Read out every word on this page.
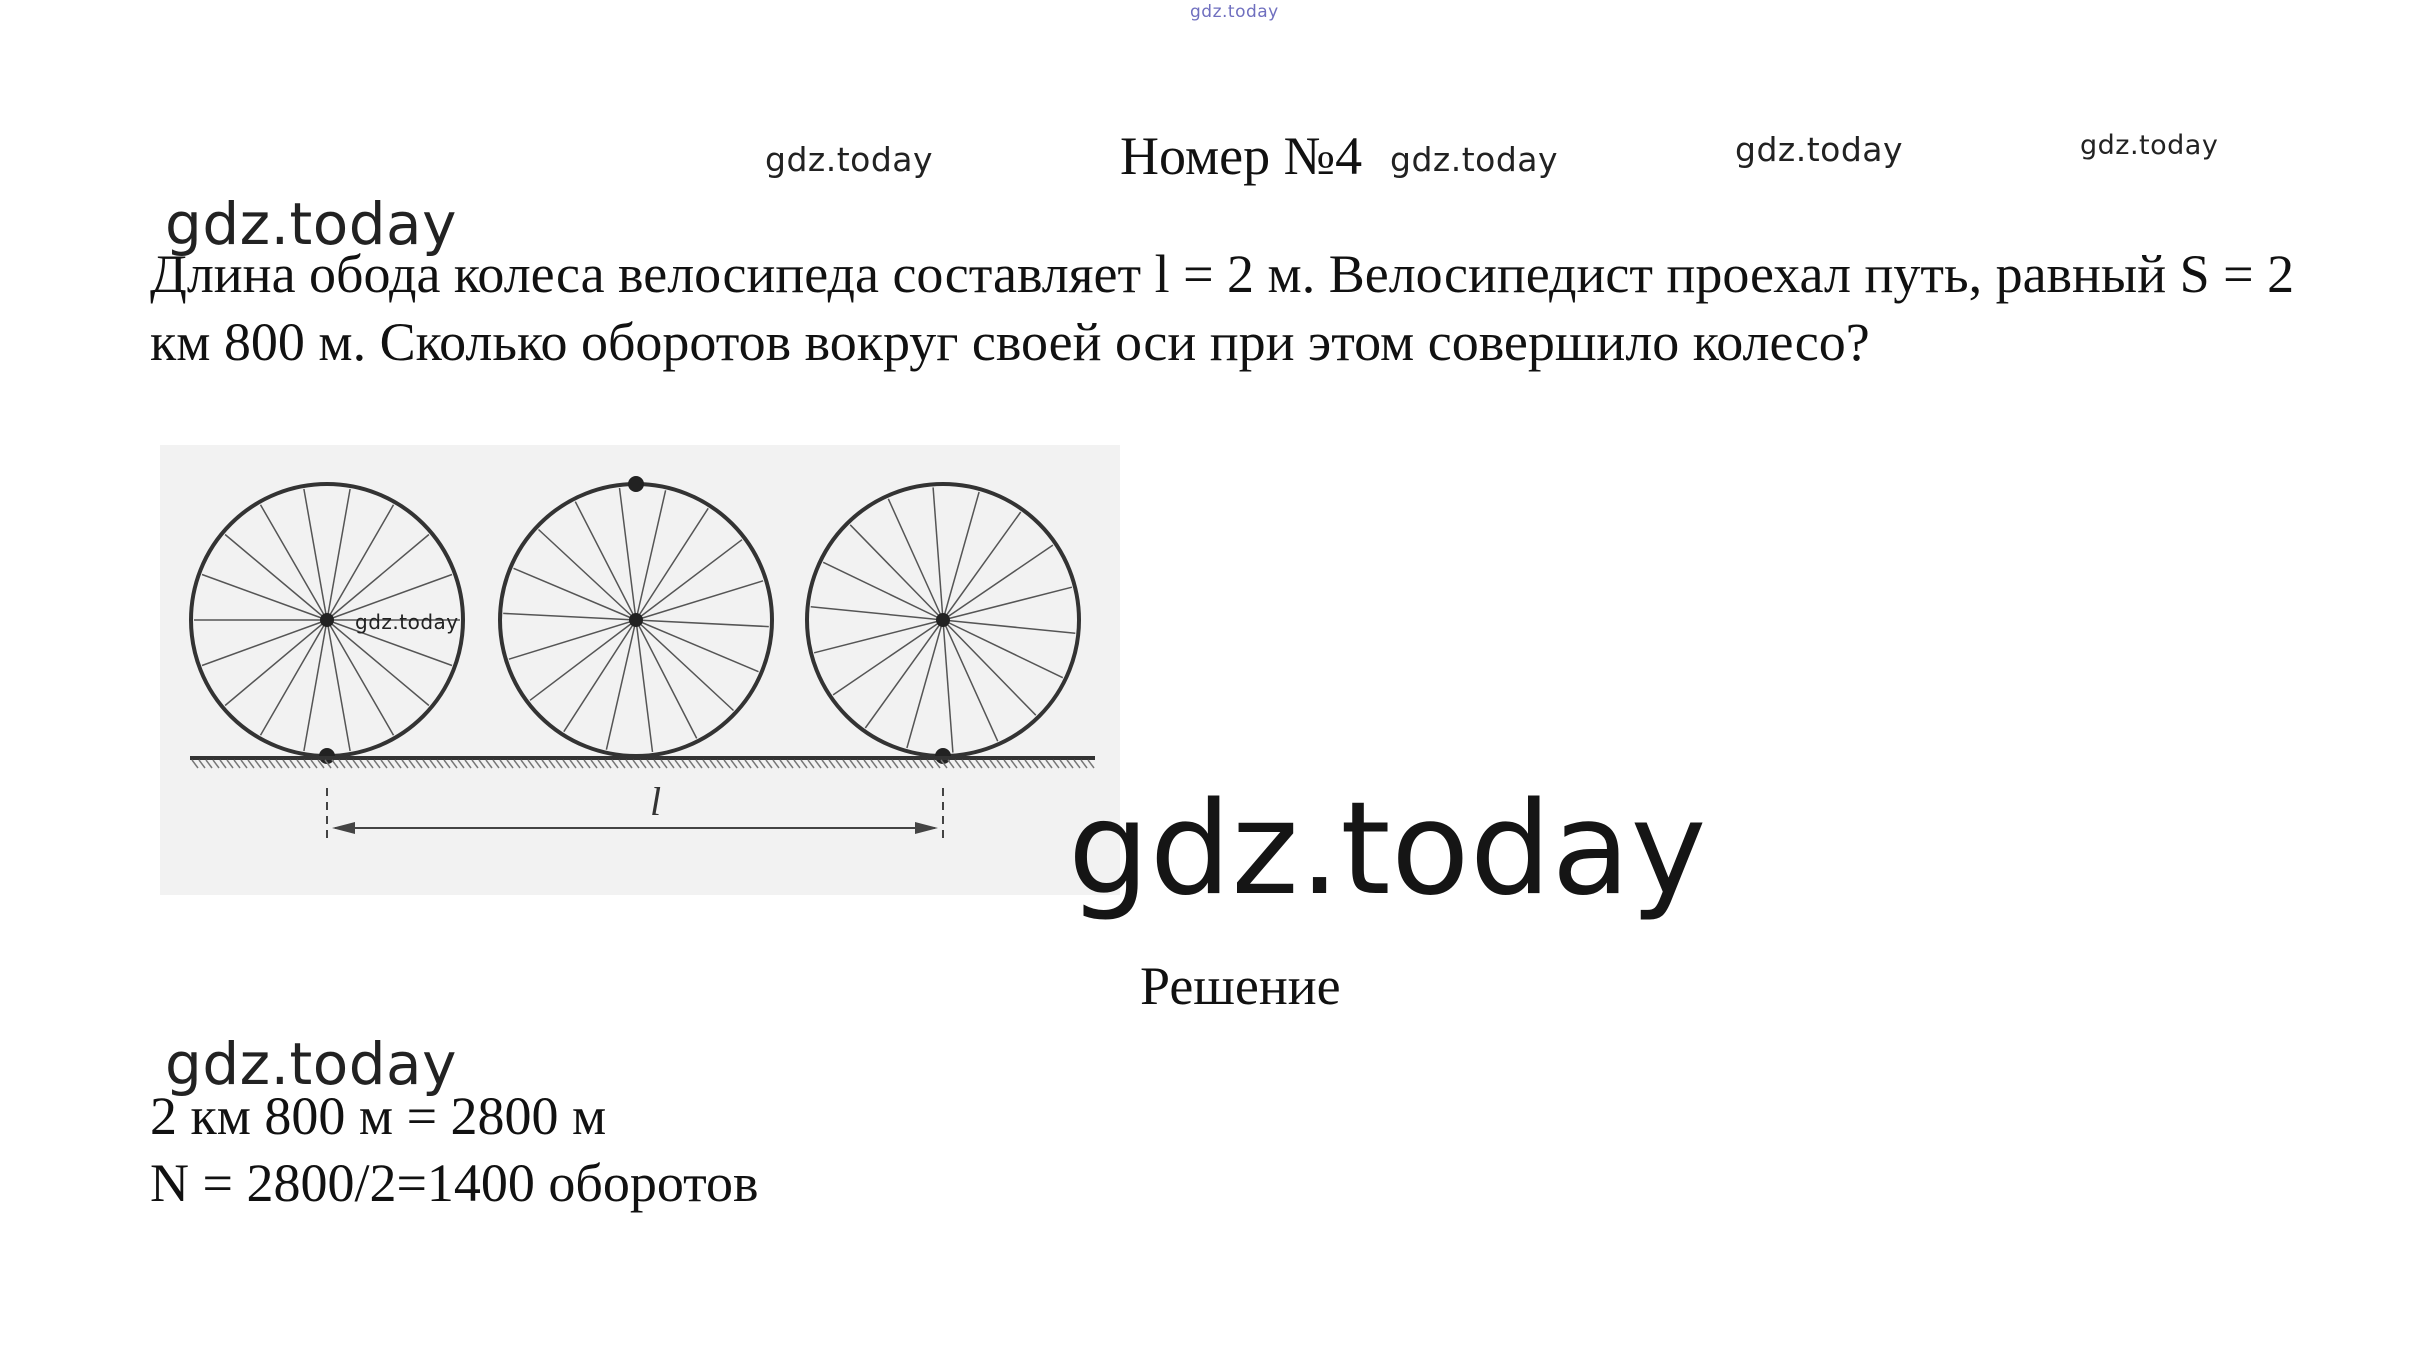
gdz.today
gdz.today	Номер №4 gdz.today	gdz.today	gdz.today
gdz.today
Длина обода колеса велосипеда составляет l = 2 м. Велосипедист проехал путь, равный S = 2 км 800 м. Сколько оборотов вокруг своей оси при этом совершило колесо?
l
gdz.today
gdz.today
Решение
gdz.today
2 км 800 м = 2800 м
N = 2800/2=1400 оборотов
